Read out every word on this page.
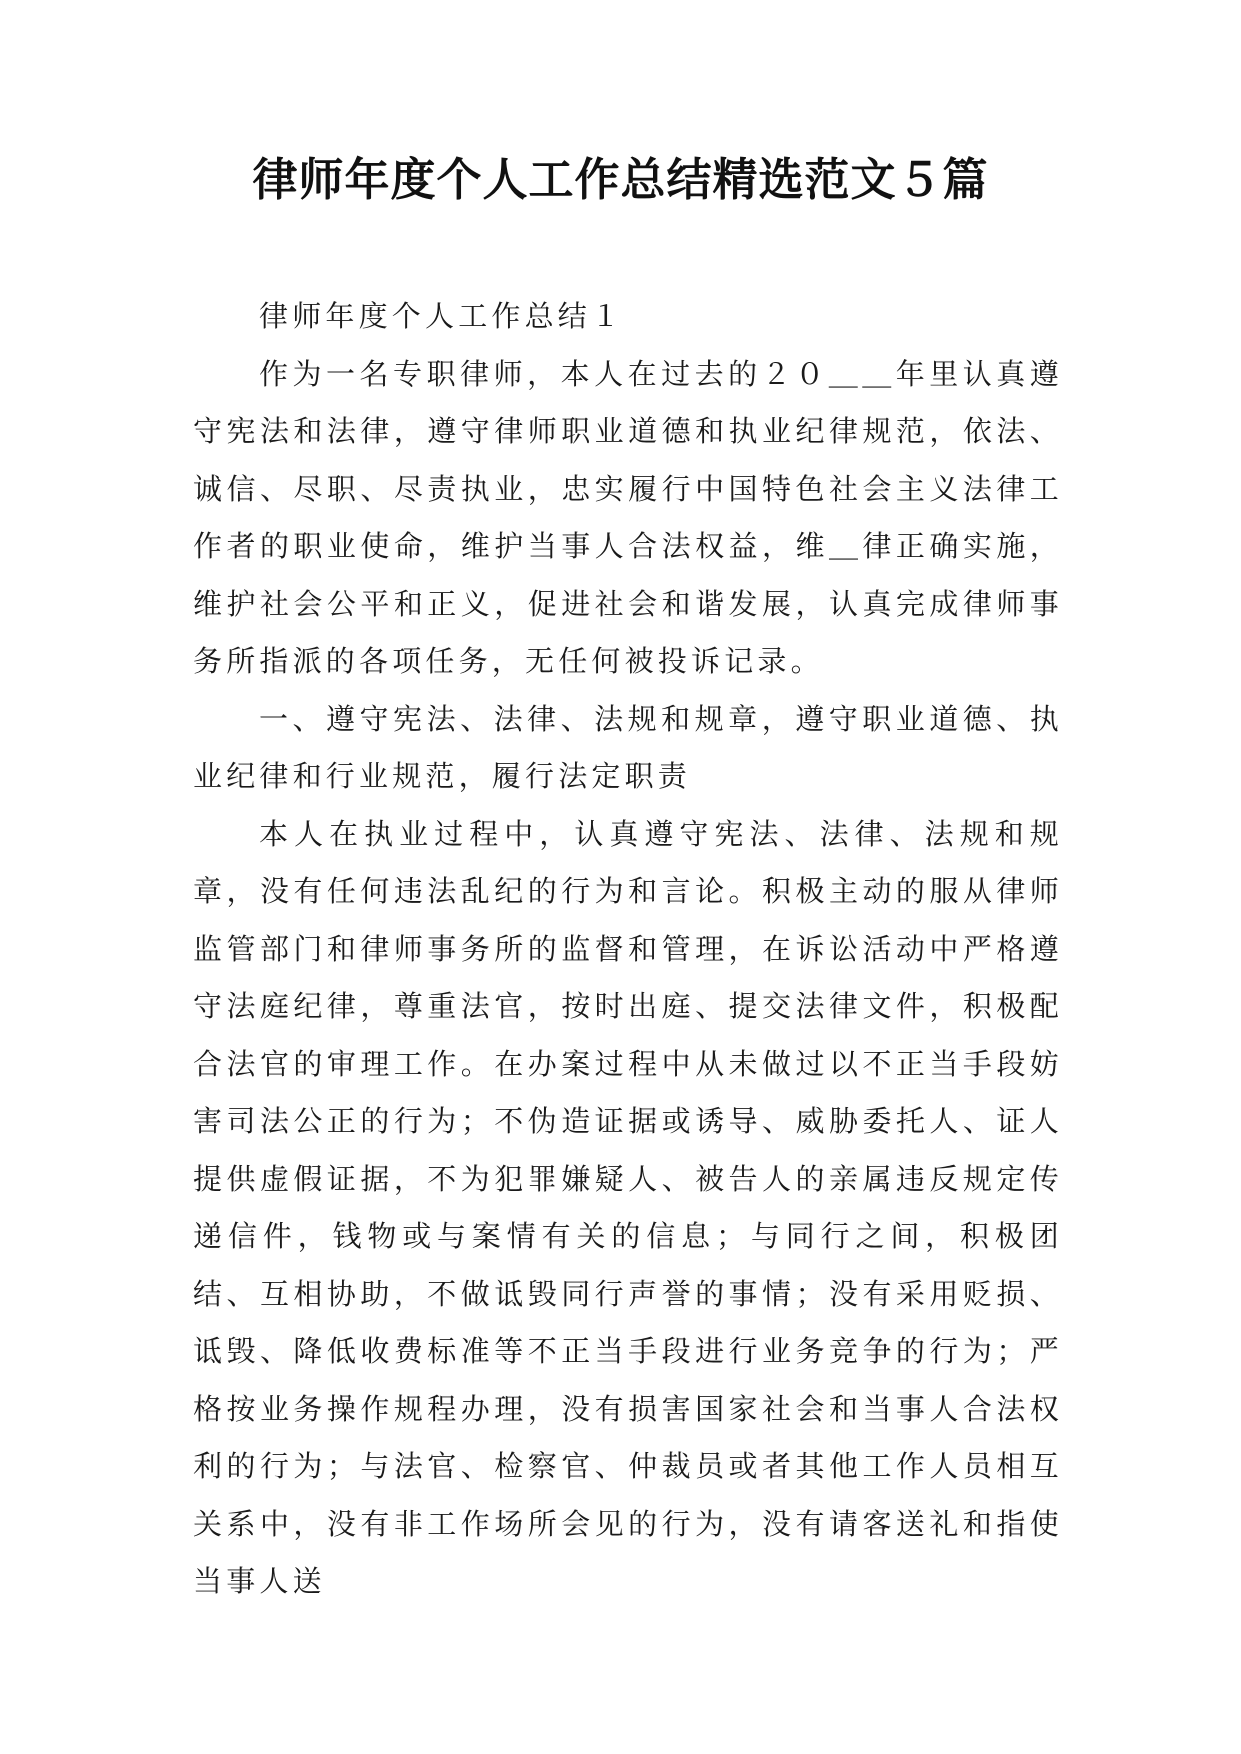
律师年度个人工作总结精选范文５篇

律师年度个人工作总结１

作为一名专职律师，本人在过去的２０＿＿年里认真遵守宪法和法律，遵守律师职业道德和执业纪律规范，依法、诚信、尽职、尽责执业，忠实履行中国特色社会主义法律工作者的职业使命，维护当事人合法权益，维＿律正确实施，维护社会公平和正义，促进社会和谐发展，认真完成律师事务所指派的各项任务，无任何被投诉记录。

一、遵守宪法、法律、法规和规章，遵守职业道德、执业纪律和行业规范，履行法定职责

本人在执业过程中，认真遵守宪法、法律、法规和规章，没有任何违法乱纪的行为和言论。积极主动的服从律师监管部门和律师事务所的监督和管理，在诉讼活动中严格遵守法庭纪律，尊重法官，按时出庭、提交法律文件，积极配合法官的审理工作。在办案过程中从未做过以不正当手段妨害司法公正的行为；不伪造证据或诱导、威胁委托人、证人提供虚假证据，不为犯罪嫌疑人、被告人的亲属违反规定传递信件，钱物或与案情有关的信息；与同行之间，积极团结、互相协助，不做诋毁同行声誉的事情；没有采用贬损、诋毁、降低收费标准等不正当手段进行业务竞争的行为；严格按业务操作规程办理，没有损害国家社会和当事人合法权利的行为；与法官、检察官、仲裁员或者其他工作人员相互关系中，没有非工作场所会见的行为，没有请客送礼和指使当事人送
